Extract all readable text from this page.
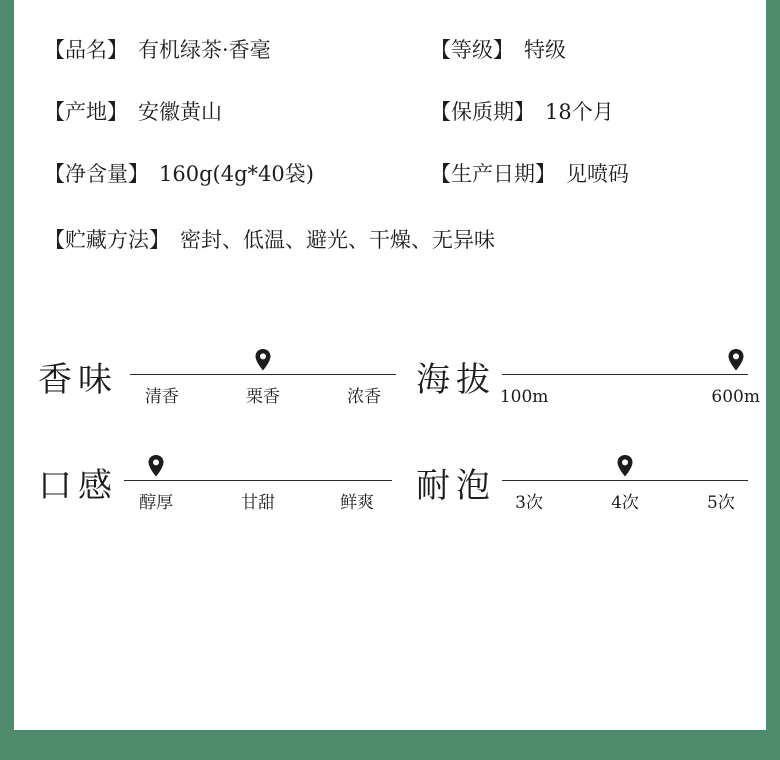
【品名】 有机绿茶·香毫	【等级】 特级
【产地】 安徽黄山	【保质期】 18个月
【净含量】 160g(4g*40袋)	【生产日期】 见喷码
【贮藏方法】 密封、低温、避光、干燥、无异味
香味 清香	栗香	浓香 海拔 100m	600m
口感 醇厚	甘甜	鲜爽 耐泡 3次	4次	5次
